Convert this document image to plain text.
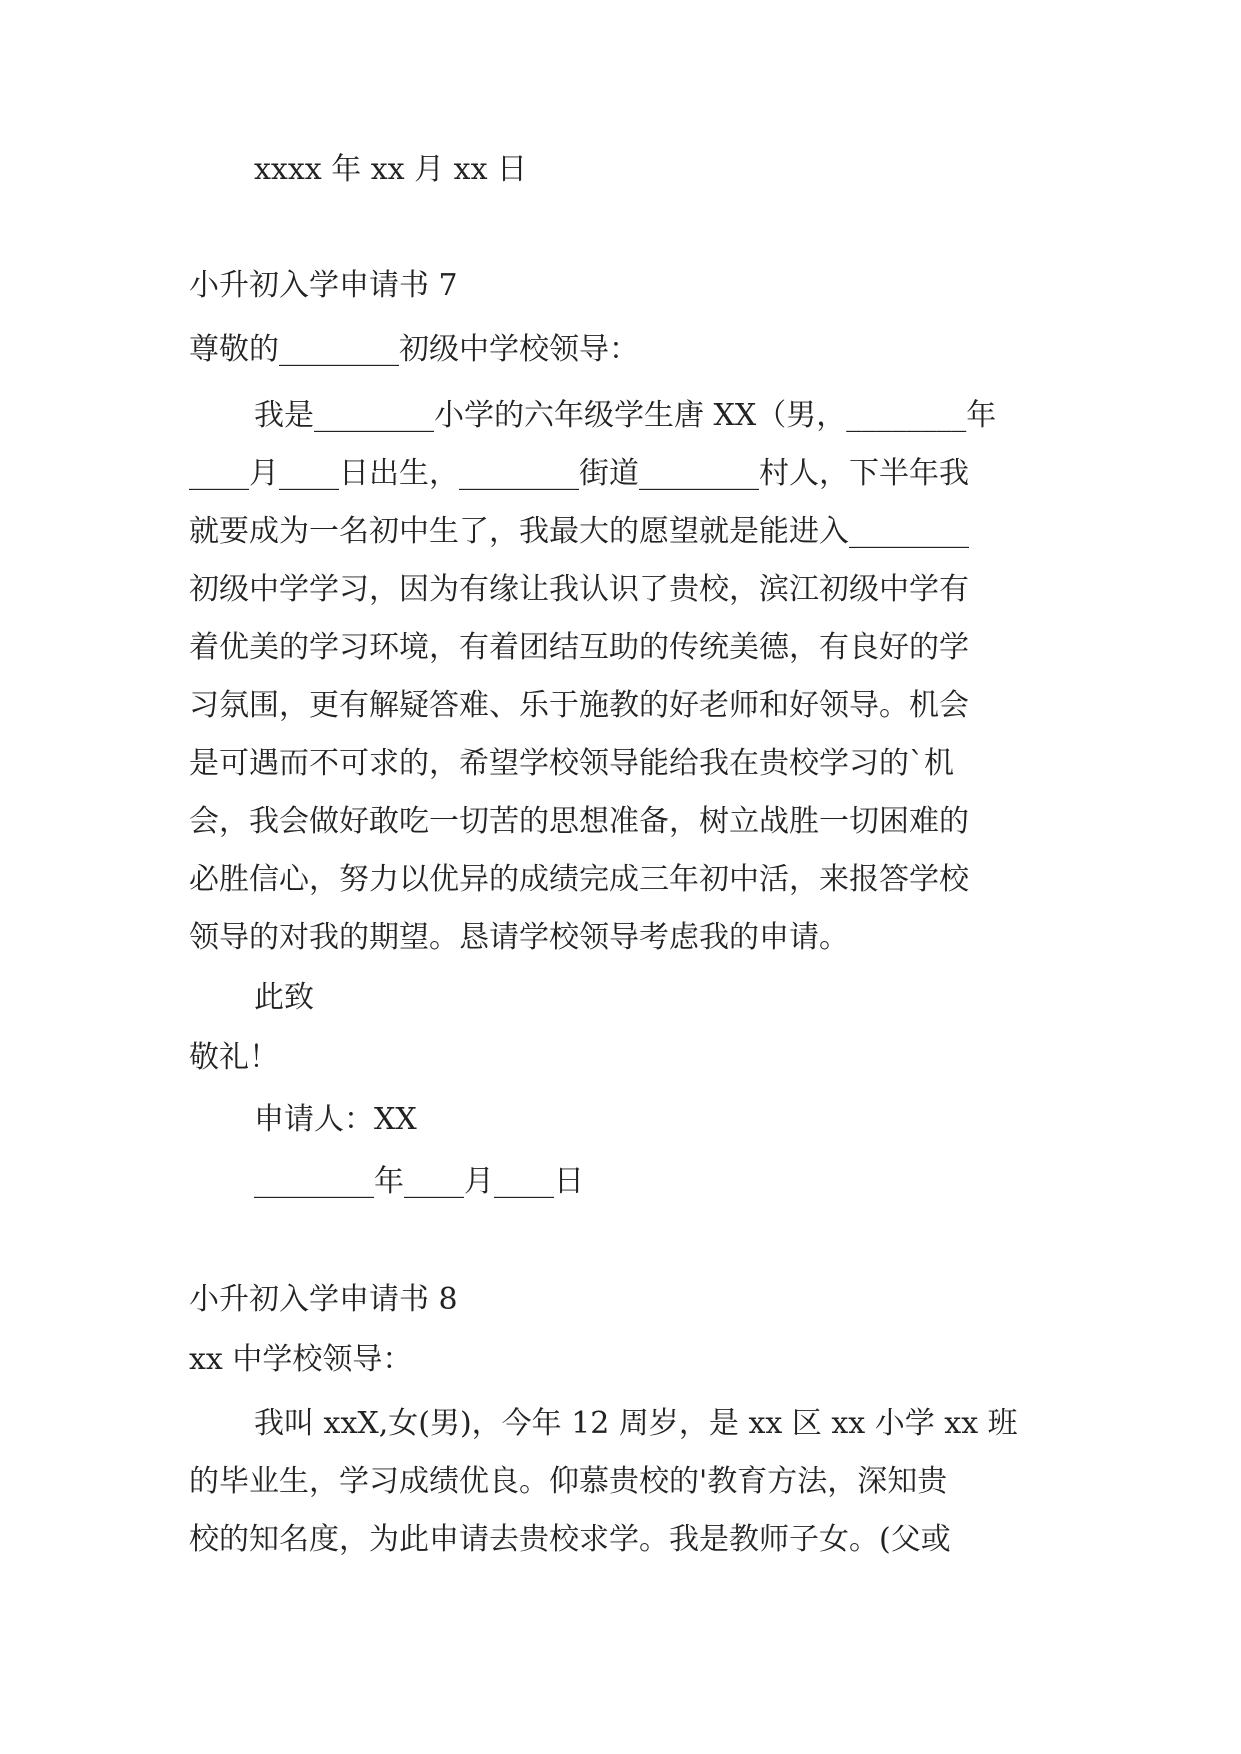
xxxx 年 xx 月 xx 日

小升初入学申请书 7

尊敬的________初级中学校领导：

我是________小学的六年级学生唐 XX（男，________年

____月____日出生，________街道________村人，下半年我

就要成为一名初中生了，我最大的愿望就是能进入________

初级中学学习，因为有缘让我认识了贵校，滨江初级中学有

着优美的学习环境，有着团结互助的传统美德，有良好的学

习氛围，更有解疑答难、乐于施教的好老师和好领导。机会

是可遇而不可求的，希望学校领导能给我在贵校学习的`机

会，我会做好敢吃一切苦的思想准备，树立战胜一切困难的

必胜信心，努力以优异的成绩完成三年初中活，来报答学校

领导的对我的期望。恳请学校领导考虑我的申请。

此致

敬礼！

申请人：XX

________年____月____日

小升初入学申请书 8

xx 中学校领导：

我叫 xxX,女(男)，今年 12 周岁，是 xx 区 xx 小学 xx 班

的毕业生，学习成绩优良。仰慕贵校的'教育方法，深知贵

校的知名度，为此申请去贵校求学。我是教师子女。(父或
